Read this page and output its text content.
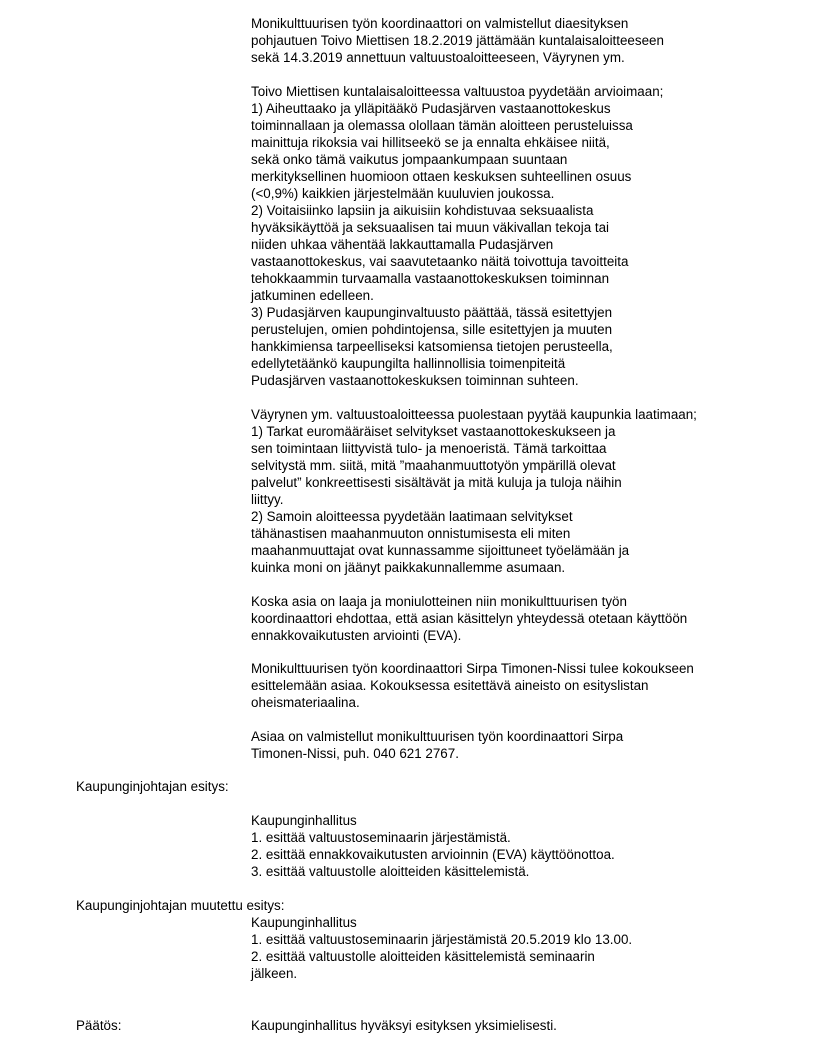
Monikulttuurisen työn koordinaattori on valmistellut diaesityksen
pohjautuen Toivo Miettisen 18.2.2019 jättämään kuntalaisaloitteeseen
sekä 14.3.2019 annettuun valtuustoaloitteeseen, Väyrynen ym.
Toivo Miettisen kuntalaisaloitteessa valtuustoa pyydetään arvioimaan;
1) Aiheuttaako ja ylläpitääkö Pudasjärven vastaanottokeskus
toiminnallaan ja olemassa olollaan tämän aloitteen perusteluissa
mainittuja rikoksia vai hillitseekö se ja ennalta ehkäisee niitä,
sekä onko tämä vaikutus jompaankumpaan suuntaan
merkityksellinen huomioon ottaen keskuksen suhteellinen osuus
(<0,9%) kaikkien järjestelmään kuuluvien joukossa.
2) Voitaisiinko lapsiin ja aikuisiin kohdistuvaa seksuaalista
hyväksikäyttöä ja seksuaalisen tai muun väkivallan tekoja tai
niiden uhkaa vähentää lakkauttamalla Pudasjärven
vastaanottokeskus, vai saavutetaanko näitä toivottuja tavoitteita
tehokkaammin turvaamalla vastaanottokeskuksen toiminnan
jatkuminen edelleen.
3) Pudasjärven kaupunginvaltuusto päättää, tässä esitettyjen
perustelujen, omien pohdintojensa, sille esitettyjen ja muuten
hankkimiensa tarpeelliseksi katsomiensa tietojen perusteella,
edellytetäänkö kaupungilta hallinnollisia toimenpiteitä
Pudasjärven vastaanottokeskuksen toiminnan suhteen.
Väyrynen ym. valtuustoaloitteessa puolestaan pyytää kaupunkia laatimaan;
1) Tarkat euromääräiset selvitykset vastaanottokeskukseen ja
sen toimintaan liittyvistä tulo- ja menoeristä. Tämä tarkoittaa
selvitystä mm. siitä, mitä ”maahanmuuttotyön ympärillä olevat
palvelut” konkreettisesti sisältävät ja mitä kuluja ja tuloja näihin
liittyy.
2) Samoin aloitteessa pyydetään laatimaan selvitykset
tähänastisen maahanmuuton onnistumisesta eli miten
maahanmuuttajat ovat kunnassamme sijoittuneet työelämään ja
kuinka moni on jäänyt paikkakunnallemme asumaan.
Koska asia on laaja ja moniulotteinen niin monikulttuurisen työn
koordinaattori ehdottaa, että asian käsittelyn yhteydessä otetaan käyttöön
ennakkovaikutusten arviointi (EVA).
Monikulttuurisen työn koordinaattori Sirpa Timonen-Nissi tulee kokoukseen
esittelemään asiaa. Kokouksessa esitettävä aineisto on esityslistan
oheismateriaalina.
Asiaa on valmistellut monikulttuurisen työn koordinaattori Sirpa
Timonen-Nissi, puh. 040 621 2767.
Kaupunginjohtajan esitys:
Kaupunginhallitus
1. esittää valtuustoseminaarin järjestämistä.
2. esittää ennakkovaikutusten arvioinnin (EVA) käyttöönottoa.
3. esittää valtuustolle aloitteiden käsittelemistä.
Kaupunginjohtajan muutettu esitys:
Kaupunginhallitus
1. esittää valtuustoseminaarin järjestämistä 20.5.2019 klo 13.00.
2. esittää valtuustolle aloitteiden käsittelemistä seminaarin
jälkeen.
Päätös:	Kaupunginhallitus hyväksyi esityksen yksimielisesti.
